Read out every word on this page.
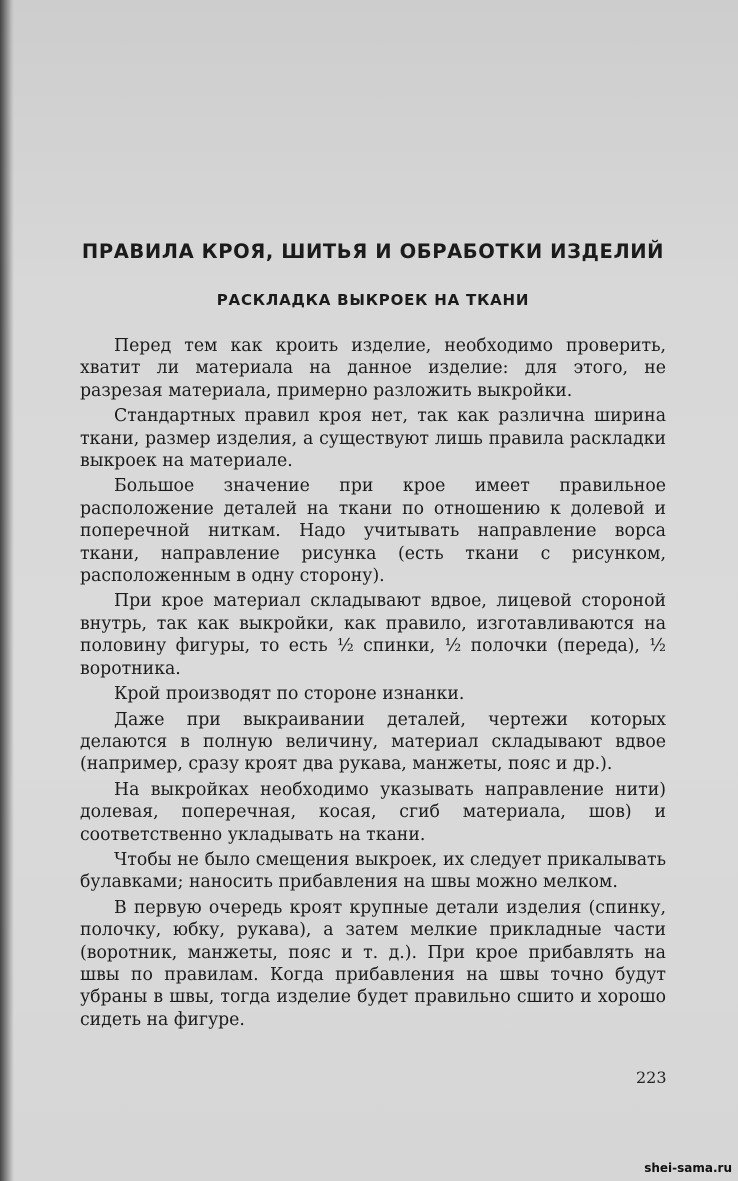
ПРАВИЛА КРОЯ, ШИТЬЯ И ОБРАБОТКИ ИЗДЕЛИЙ
РАСКЛАДКА ВЫКРОЕК НА ТКАНИ

Перед тем как кроить изделие, необходимо проверить, хватит ли материала на данное изделие: для этого, не разрезая материала, примерно разложить выкройки.

Стандартных правил кроя нет, так как различна ширина ткани, размер изделия, а существуют лишь правила раскладки выкроек на материале.

Большое значение при крое имеет правильное расположение деталей на ткани по отношению к долевой и поперечной ниткам. Надо учитывать направление ворса ткани, направление рисунка (есть ткани с рисунком, расположенным в одну сторону).

При крое материал складывают вдвое, лицевой стороной внутрь, так как выкройки, как правило, изготавливаются на половину фигуры, то есть ½ спинки, ½ полочки (переда), ½ воротника.

Крой производят по стороне изнанки.

Даже при выкраивании деталей, чертежи которых делаются в полную величину, материал складывают вдвое (например, сразу кроят два рукава, манжеты, пояс и др.).

На выкройках необходимо указывать направление нити) долевая, поперечная, косая, сгиб материала, шов) и соответственно укладывать на ткани.

Чтобы не было смещения выкроек, их следует прикалывать булавками; наносить прибавления на швы можно мелком.

В первую очередь кроят крупные детали изделия (спинку, полочку, юбку, рукава), а затем мелкие прикладные части (воротник, манжеты, пояс и т. д.). При крое прибавлять на швы по правилам. Когда прибавления на швы точно будут убраны в швы, тогда изделие будет правильно сшито и хорошо сидеть на фигуре.

223
shei-sama.ru
